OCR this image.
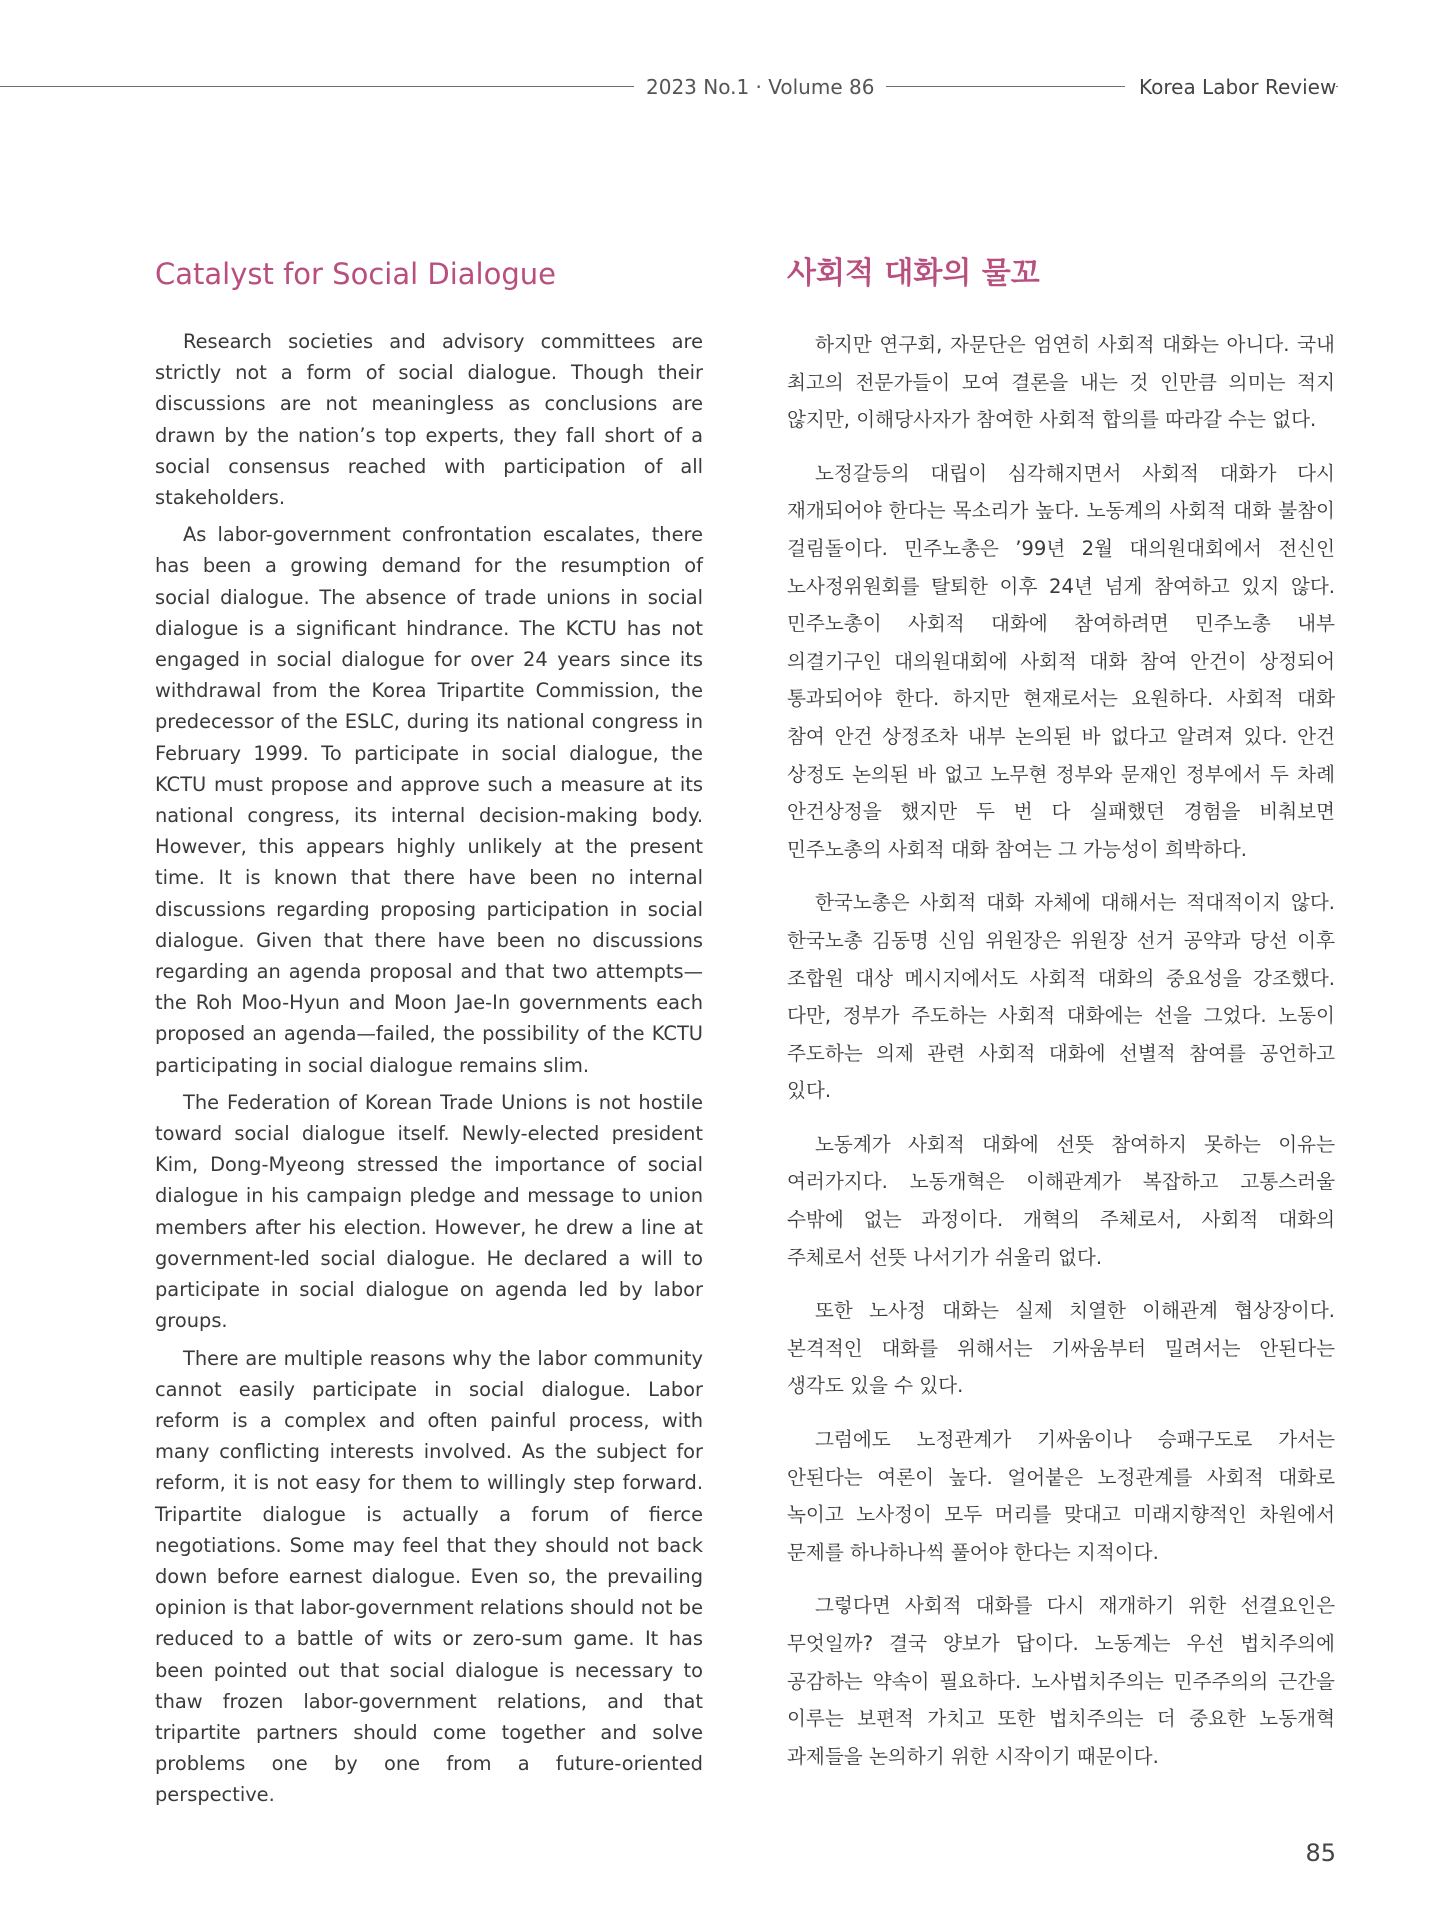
2023 No.1 · Volume 86	Korea Labor Review
Catalyst for Social Dialogue

Research societies and advisory committees are strictly not a form of social dialogue. Though their discussions are not meaningless as conclusions are drawn by the nation’s top experts, they fall short of a social consensus reached with participation of all stakeholders.

As labor-government confrontation escalates, there has been a growing demand for the resumption of social dialogue. The absence of trade unions in social dialogue is a significant hindrance. The KCTU has not engaged in social dialogue for over 24 years since its withdrawal from the Korea Tripartite Commission, the predecessor of the ESLC, during its national congress in February 1999. To participate in social dialogue, the KCTU must propose and approve such a measure at its national congress, its internal decision-making body. However, this appears highly unlikely at the present time. It is known that there have been no internal discussions regarding proposing participation in social dialogue. Given that there have been no discussions regarding an agenda proposal and that two attempts—the Roh Moo-Hyun and Moon Jae-In governments each proposed an agenda—failed, the possibility of the KCTU participating in social dialogue remains slim.

The Federation of Korean Trade Unions is not hostile toward social dialogue itself. Newly-elected president Kim, Dong-Myeong stressed the importance of social dialogue in his campaign pledge and message to union members after his election. However, he drew a line at government-led social dialogue. He declared a will to participate in social dialogue on agenda led by labor groups.

There are multiple reasons why the labor community cannot easily participate in social dialogue. Labor reform is a complex and often painful process, with many conflicting interests involved. As the subject for reform, it is not easy for them to willingly step forward. Tripartite dialogue is actually a forum of fierce negotiations. Some may feel that they should not back down before earnest dialogue. Even so, the prevailing opinion is that labor-government relations should not be reduced to a battle of wits or zero-sum game. It has been pointed out that social dialogue is necessary to thaw frozen labor-government relations, and that tripartite partners should come together and solve problems one by one from a future-oriented perspective.

사회적 대화의 물꼬

하지만 연구회, 자문단은 엄연히 사회적 대화는 아니다. 국내 최고의 전문가들이 모여 결론을 내는 것 인만큼 의미는 적지 않지만, 이해당사자가 참여한 사회적 합의를 따라갈 수는 없다.

노정갈등의 대립이 심각해지면서 사회적 대화가 다시 재개되어야 한다는 목소리가 높다. 노동계의 사회적 대화 불참이 걸림돌이다. 민주노총은 ’99년 2월 대의원대회에서 전신인 노사정위원회를 탈퇴한 이후 24년 넘게 참여하고 있지 않다. 민주노총이 사회적 대화에 참여하려면 민주노총 내부 의결기구인 대의원대회에 사회적 대화 참여 안건이 상정되어 통과되어야 한다. 하지만 현재로서는 요원하다. 사회적 대화 참여 안건 상정조차 내부 논의된 바 없다고 알려져 있다. 안건 상정도 논의된 바 없고 노무현 정부와 문재인 정부에서 두 차례 안건상정을 했지만 두 번 다 실패했던 경험을 비춰보면 민주노총의 사회적 대화 참여는 그 가능성이 희박하다.

한국노총은 사회적 대화 자체에 대해서는 적대적이지 않다. 한국노총 김동명 신임 위원장은 위원장 선거 공약과 당선 이후 조합원 대상 메시지에서도 사회적 대화의 중요성을 강조했다. 다만, 정부가 주도하는 사회적 대화에는 선을 그었다. 노동이 주도하는 의제 관련 사회적 대화에 선별적 참여를 공언하고 있다.

노동계가 사회적 대화에 선뜻 참여하지 못하는 이유는 여러가지다. 노동개혁은 이해관계가 복잡하고 고통스러울 수밖에 없는 과정이다. 개혁의 주체로서, 사회적 대화의 주체로서 선뜻 나서기가 쉬울리 없다.

또한 노사정 대화는 실제 치열한 이해관계 협상장이다. 본격적인 대화를 위해서는 기싸움부터 밀려서는 안된다는 생각도 있을 수 있다.

그럼에도 노정관계가 기싸움이나 승패구도로 가서는 안된다는 여론이 높다. 얼어붙은 노정관계를 사회적 대화로 녹이고 노사정이 모두 머리를 맞대고 미래지향적인 차원에서 문제를 하나하나씩 풀어야 한다는 지적이다.

그렇다면 사회적 대화를 다시 재개하기 위한 선결요인은 무엇일까? 결국 양보가 답이다. 노동계는 우선 법치주의에 공감하는 약속이 필요하다. 노사법치주의는 민주주의의 근간을 이루는 보편적 가치고 또한 법치주의는 더 중요한 노동개혁 과제들을 논의하기 위한 시작이기 때문이다.

85
